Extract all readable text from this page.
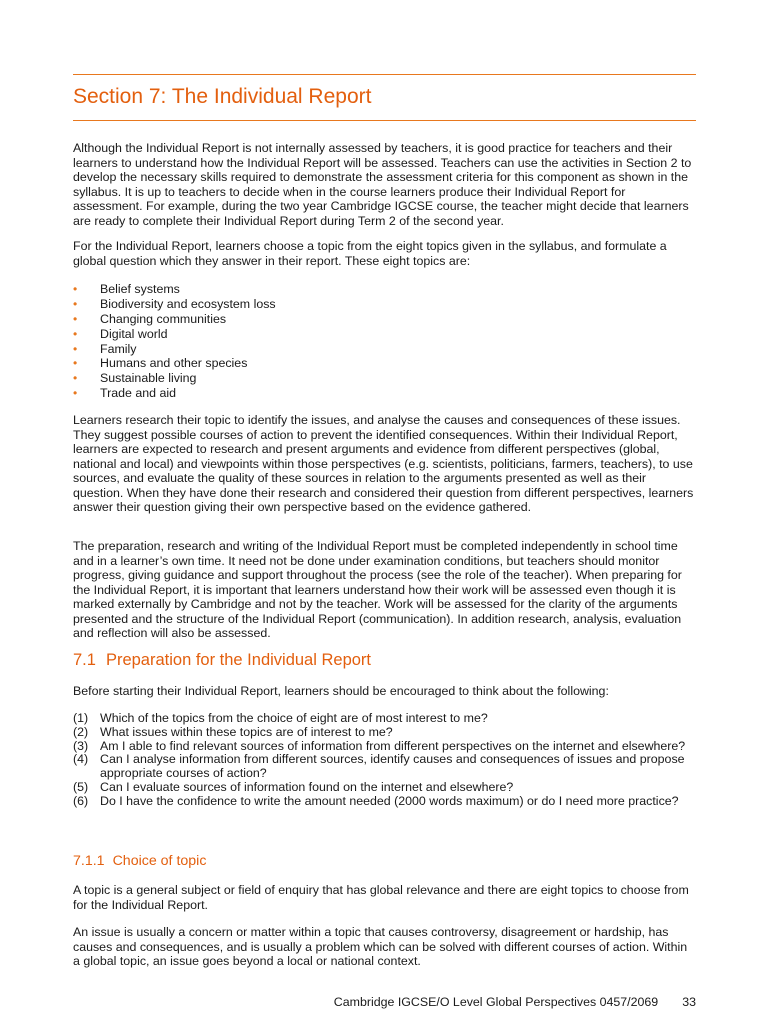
Section 7: The Individual Report

Although the Individual Report is not internally assessed by teachers, it is good practice for teachers and their learners to understand how the Individual Report will be assessed. Teachers can use the activities in Section 2 to develop the necessary skills required to demonstrate the assessment criteria for this component as shown in the syllabus. It is up to teachers to decide when in the course learners produce their Individual Report for assessment. For example, during the two year Cambridge IGCSE course, the teacher might decide that learners are ready to complete their Individual Report during Term 2 of the second year.

For the Individual Report, learners choose a topic from the eight topics given in the syllabus, and formulate a global question which they answer in their report. These eight topics are:

• Belief systems
• Biodiversity and ecosystem loss
• Changing communities
• Digital world
• Family
• Humans and other species
• Sustainable living
• Trade and aid

Learners research their topic to identify the issues, and analyse the causes and consequences of these issues. They suggest possible courses of action to prevent the identified consequences. Within their Individual Report, learners are expected to research and present arguments and evidence from different perspectives (global, national and local) and viewpoints within those perspectives (e.g. scientists, politicians, farmers, teachers), to use sources, and evaluate the quality of these sources in relation to the arguments presented as well as their question. When they have done their research and considered their question from different perspectives, learners answer their question giving their own perspective based on the evidence gathered.

The preparation, research and writing of the Individual Report must be completed independently in school time and in a learner’s own time. It need not be done under examination conditions, but teachers should monitor progress, giving guidance and support throughout the process (see the role of the teacher). When preparing for the Individual Report, it is important that learners understand how their work will be assessed even though it is marked externally by Cambridge and not by the teacher. Work will be assessed for the clarity of the arguments presented and the structure of the Individual Report (communication). In addition research, analysis, evaluation and reflection will also be assessed.

7.1 Preparation for the Individual Report

Before starting their Individual Report, learners should be encouraged to think about the following:

(1) Which of the topics from the choice of eight are of most interest to me?
(2) What issues within these topics are of interest to me?
(3) Am I able to find relevant sources of information from different perspectives on the internet and elsewhere?
(4) Can I analyse information from different sources, identify causes and consequences of issues and propose appropriate courses of action?
(5) Can I evaluate sources of information found on the internet and elsewhere?
(6) Do I have the confidence to write the amount needed (2000 words maximum) or do I need more practice?
7.1.1 Choice of topic

A topic is a general subject or field of enquiry that has global relevance and there are eight topics to choose from for the Individual Report.

An issue is usually a concern or matter within a topic that causes controversy, disagreement or hardship, has causes and consequences, and is usually a problem which can be solved with different courses of action. Within a global topic, an issue goes beyond a local or national context.

Cambridge IGCSE/O Level Global Perspectives 0457/2069 33
